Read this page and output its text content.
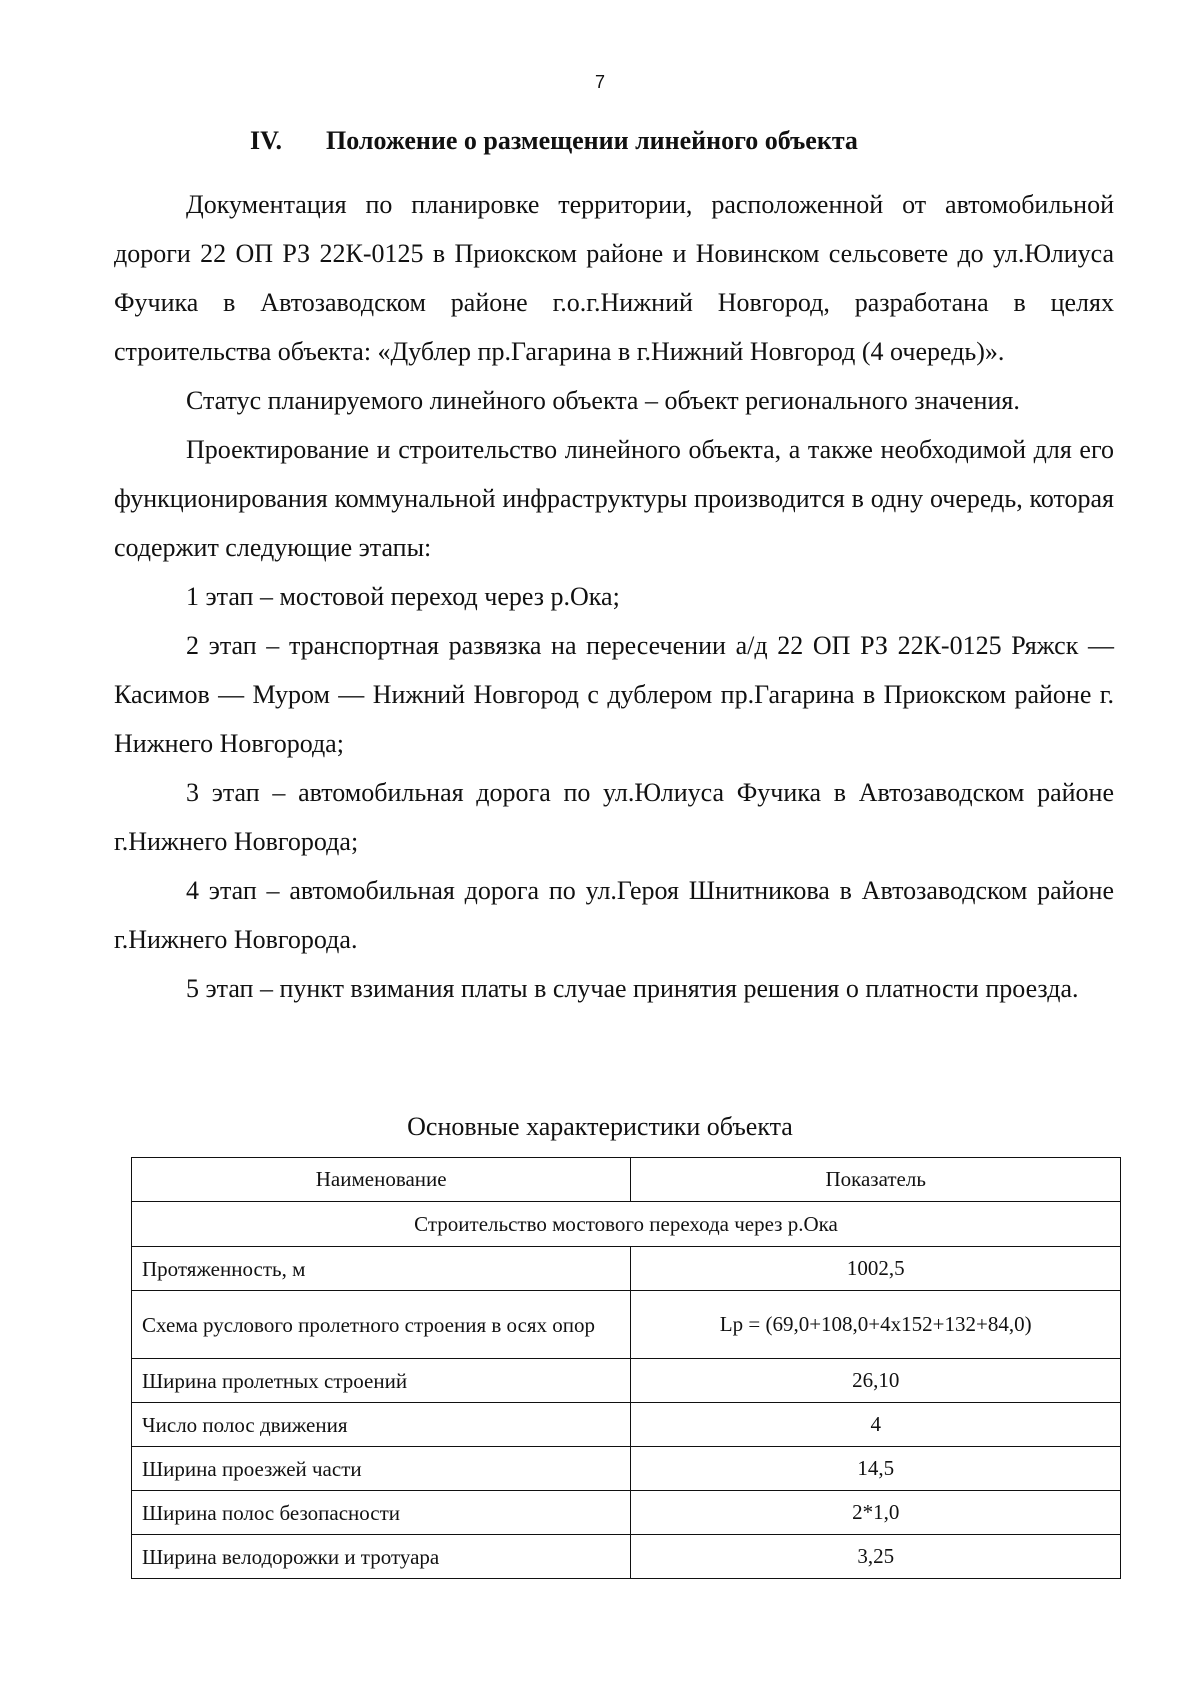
7
IV. Положение о размещении линейного объекта

Документация по планировке территории, расположенной от автомобильной дороги 22 ОП РЗ 22К-0125 в Приокском районе и Новинском сельсовете до ул.Юлиуса Фучика в Автозаводском районе г.о.г.Нижний Новгород, разработана в целях строительства объекта: «Дублер пр.Гагарина в г.Нижний Новгород (4 очередь)».

Статус планируемого линейного объекта – объект регионального значения.

Проектирование и строительство линейного объекта, а также необходимой для его функционирования коммунальной инфраструктуры производится в одну очередь, которая содержит следующие этапы:

1 этап – мостовой переход через р.Ока;

2 этап – транспортная развязка на пересечении а/д 22 ОП РЗ 22К-0125 Ряжск — Касимов — Муром — Нижний Новгород с дублером пр.Гагарина в Приокском районе г. Нижнего Новгорода;

3 этап – автомобильная дорога по ул.Юлиуса Фучика в Автозаводском районе г.Нижнего Новгорода;

4 этап – автомобильная дорога по ул.Героя Шнитникова в Автозаводском районе г.Нижнего Новгорода.

5 этап – пункт взимания платы в случае принятия решения о платности проезда.

Основные характеристики объекта
Наименование	Показатель
Строительство мостового перехода через р.Ока	
Протяженность, м	1002,5
Схема руслового пролетного строения в осях опор	Lp = (69,0+108,0+4x152+132+84,0)
Ширина пролетных строений	26,10
Число полос движения	4
Ширина проезжей части	14,5
Ширина полос безопасности	2*1,0
Ширина велодорожки и тротуара	3,25
